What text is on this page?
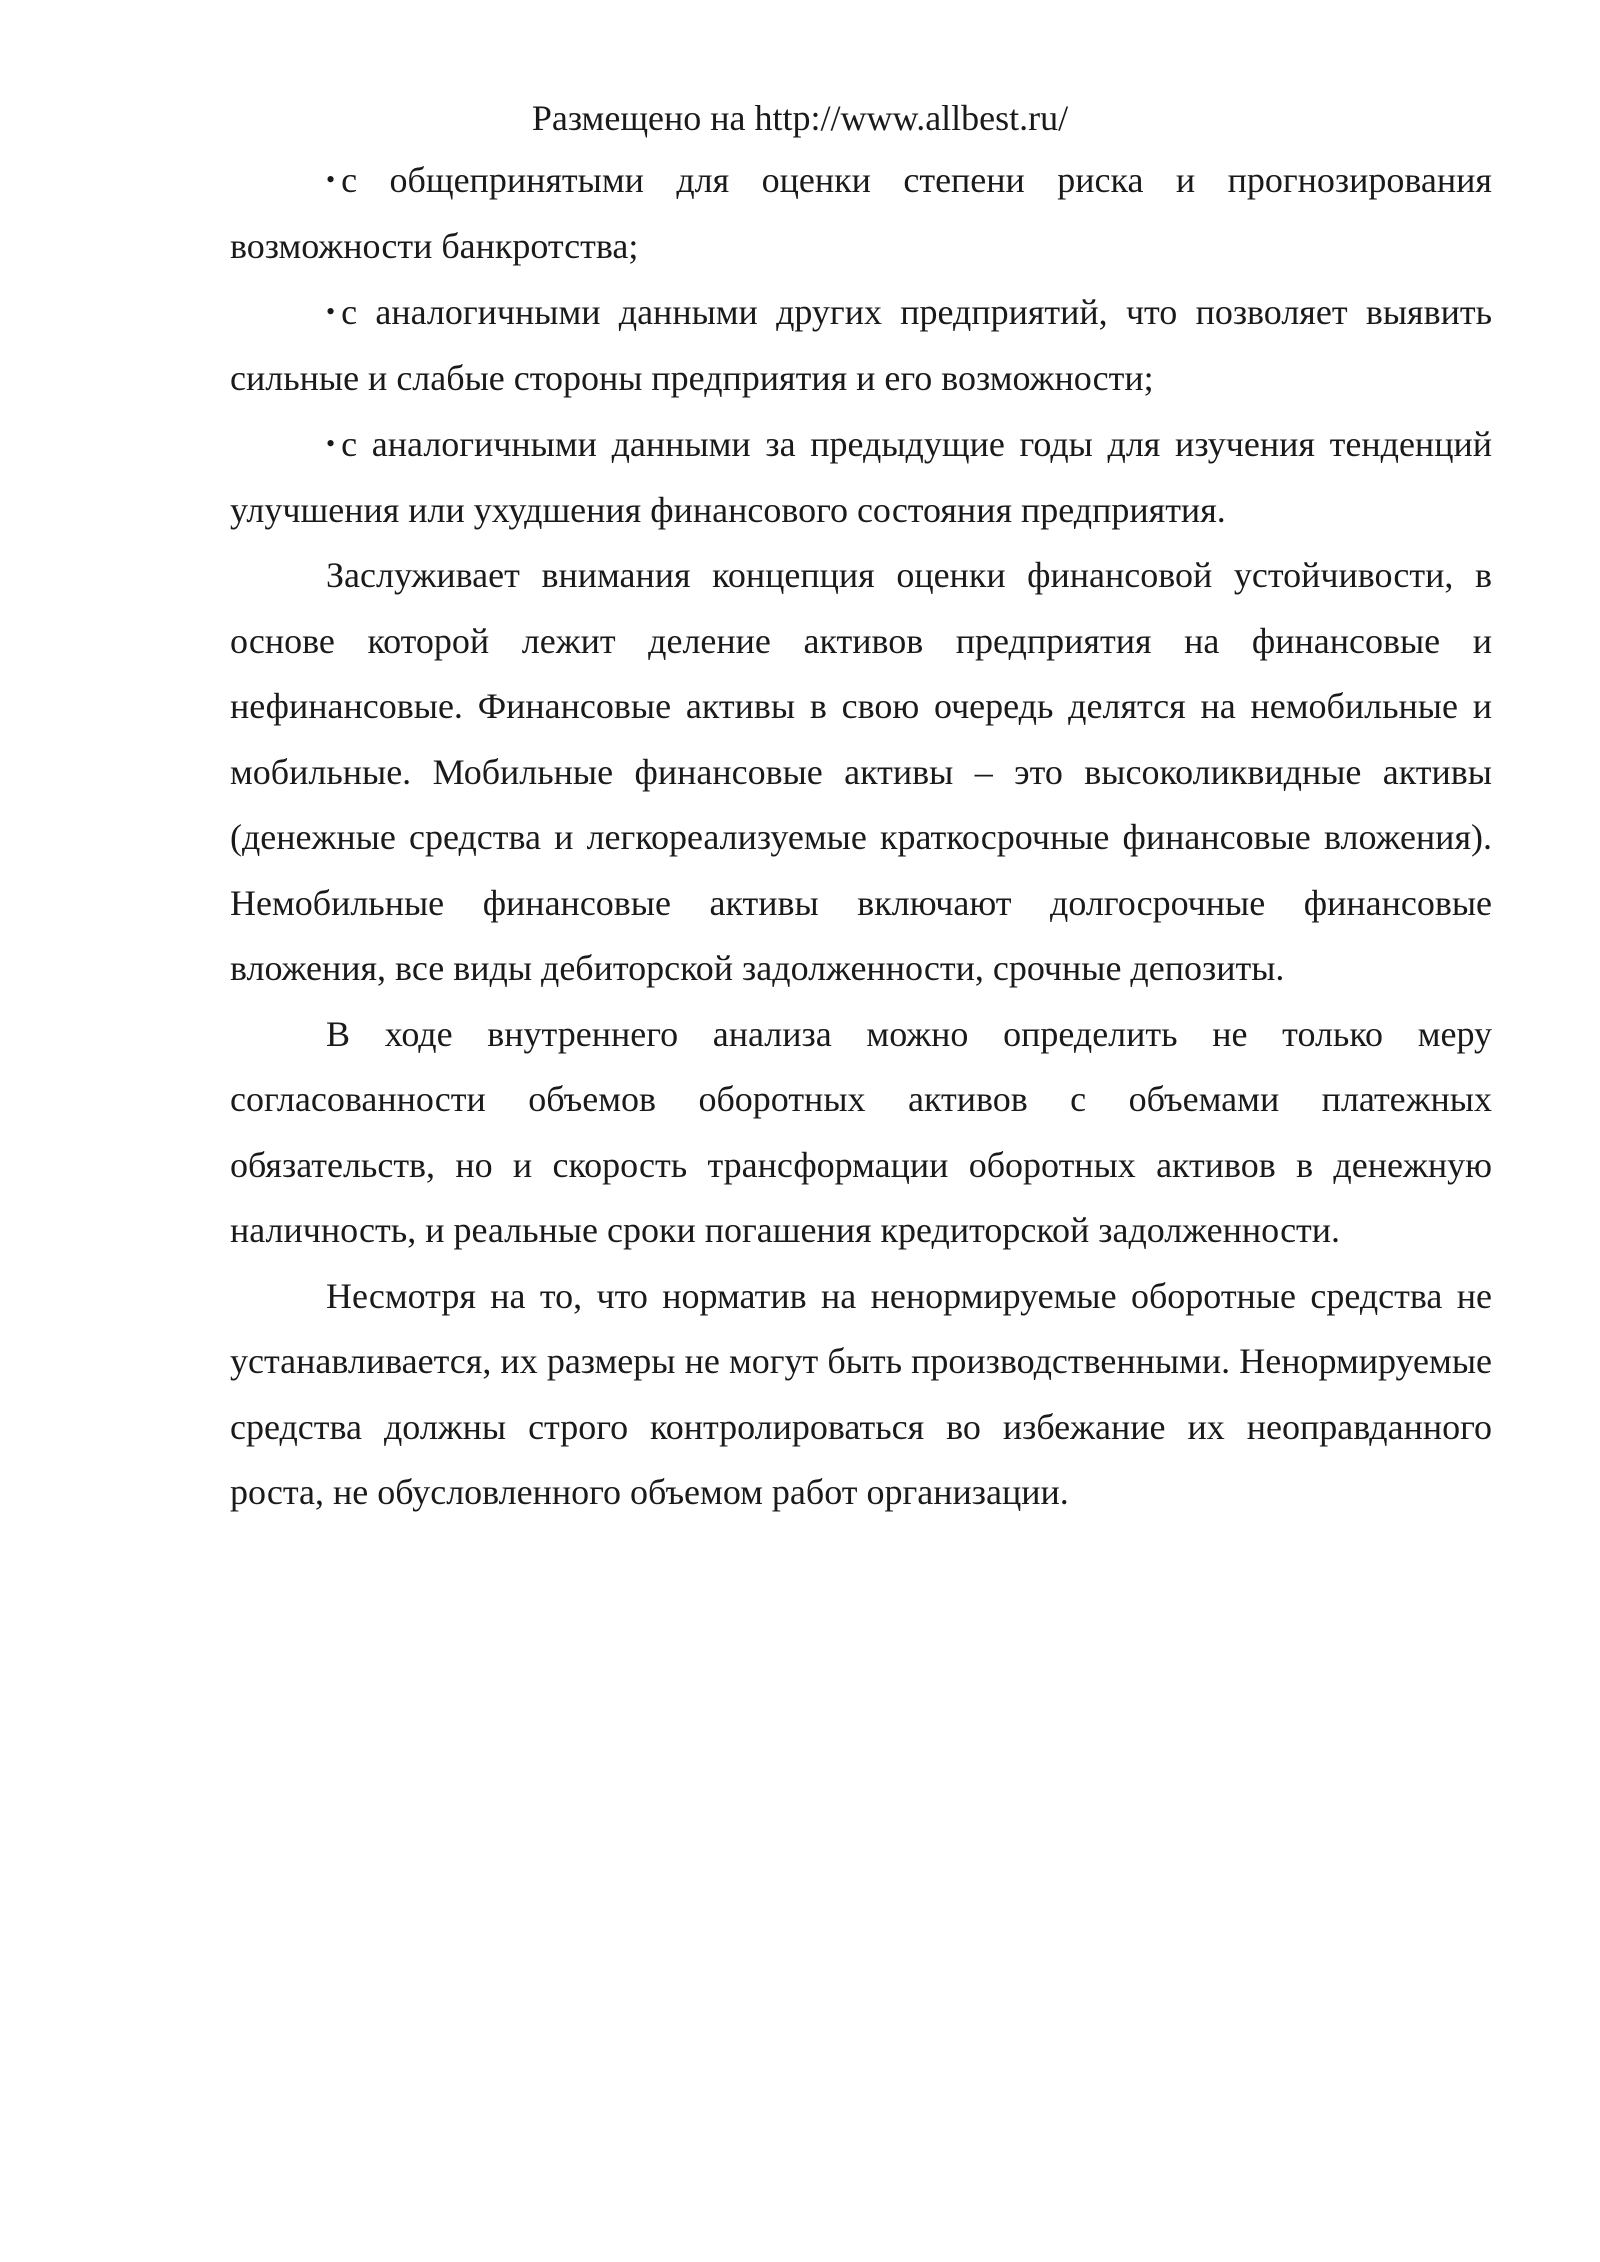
Размещено на http://www.allbest.ru/

• с общепринятыми для оценки степени риска и прогнозирования возможности банкротства;

• с аналогичными данными других предприятий, что позволяет выявить сильные и слабые стороны предприятия и его возможности;

• с аналогичными данными за предыдущие годы для изучения тенденций улучшения или ухудшения финансового состояния предприятия.

Заслуживает внимания концепция оценки финансовой устойчивости, в основе которой лежит деление активов предприятия на финансовые и нефинансовые. Финансовые активы в свою очередь делятся на немобильные и мобильные. Мобильные финансовые активы – это высоколиквидные активы (денежные средства и легкореализуемые краткосрочные финансовые вложения). Немобильные финансовые активы включают долгосрочные финансовые вложения, все виды дебиторской задолженности, срочные депозиты.

В ходе внутреннего анализа можно определить не только меру согласованности объемов оборотных активов с объемами платежных обязательств, но и скорость трансформации оборотных активов в денежную наличность, и реальные сроки погашения кредиторской задолженности.

Несмотря на то, что норматив на ненормируемые оборотные средства не устанавливается, их размеры не могут быть производственными. Ненормируемые средства должны строго контролироваться во избежание их неоправданного роста, не обусловленного объемом работ организации.
